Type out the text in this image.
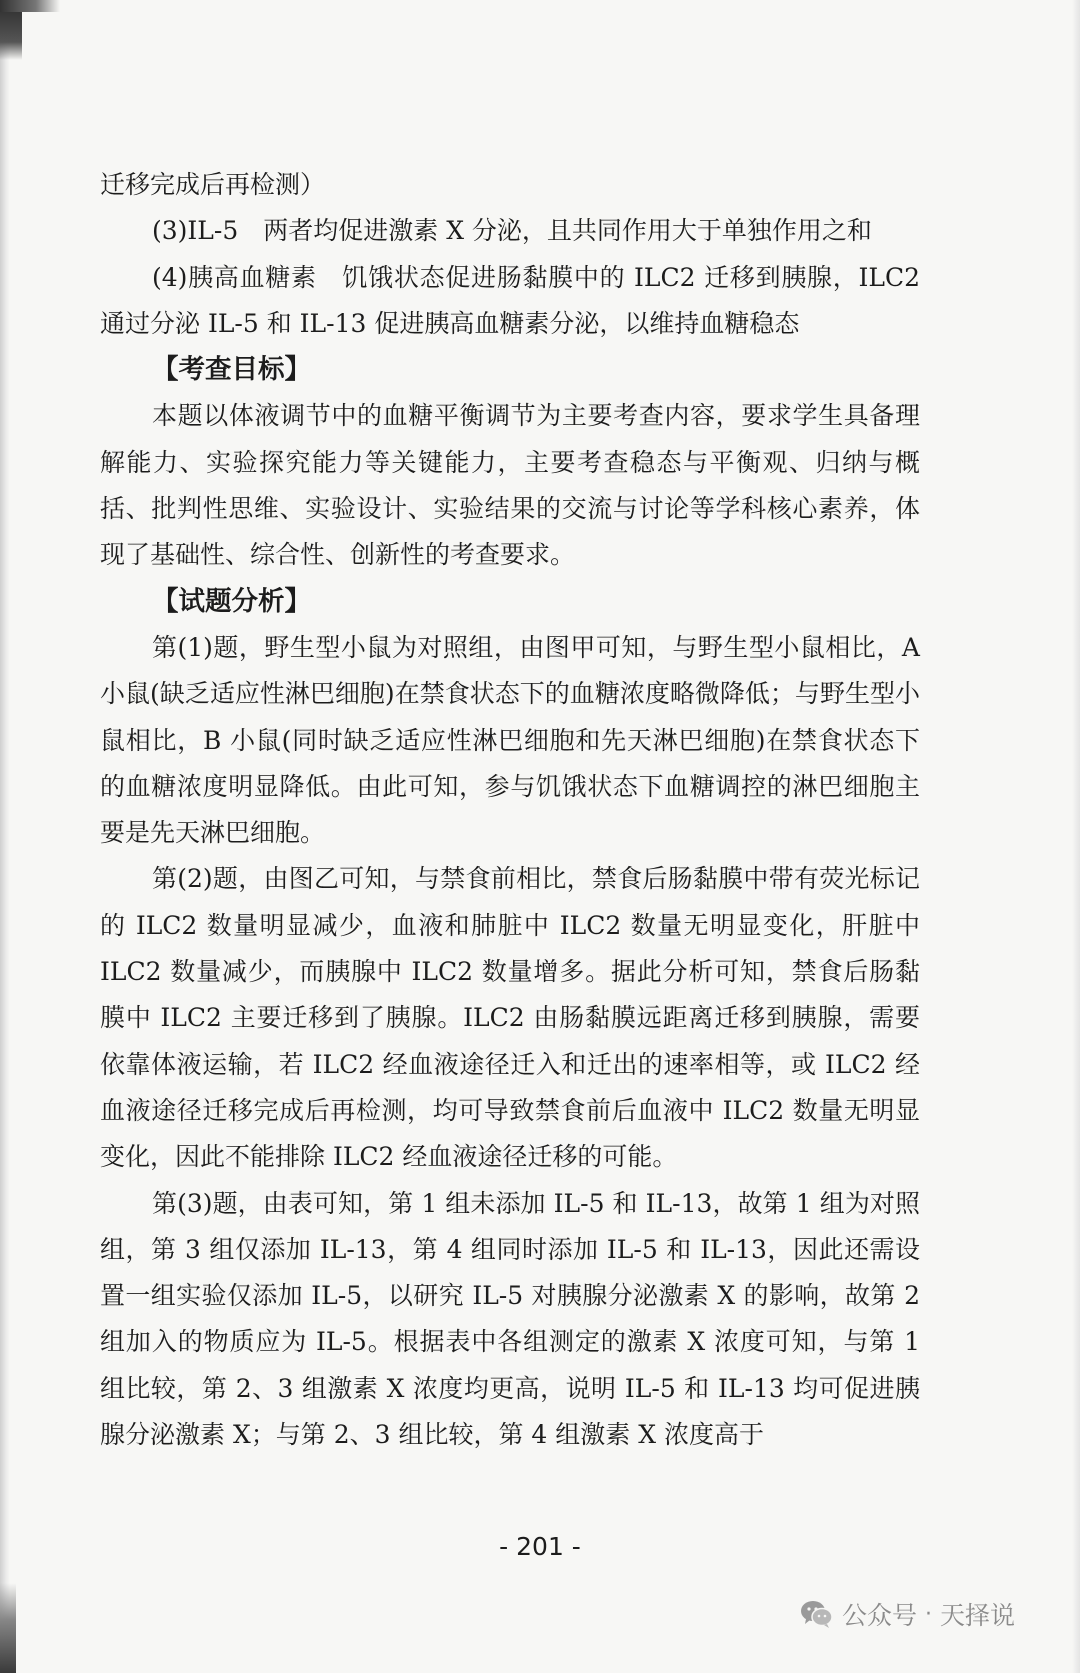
迁移完成后再检测）

(3)IL-5　两者均促进激素 X 分泌，且共同作用大于单独作用之和

(4)胰高血糖素　饥饿状态促进肠黏膜中的 ILC2 迁移到胰腺，ILC2 通过分泌 IL-5 和 IL-13 促进胰高血糖素分泌，以维持血糖稳态

【考查目标】

本题以体液调节中的血糖平衡调节为主要考查内容，要求学生具备理解能力、实验探究能力等关键能力，主要考查稳态与平衡观、归纳与概括、批判性思维、实验设计、实验结果的交流与讨论等学科核心素养，体现了基础性、综合性、创新性的考查要求。

【试题分析】

第(1)题，野生型小鼠为对照组，由图甲可知，与野生型小鼠相比，A 小鼠(缺乏适应性淋巴细胞)在禁食状态下的血糖浓度略微降低；与野生型小鼠相比，B 小鼠(同时缺乏适应性淋巴细胞和先天淋巴细胞)在禁食状态下的血糖浓度明显降低。由此可知，参与饥饿状态下血糖调控的淋巴细胞主要是先天淋巴细胞。

第(2)题，由图乙可知，与禁食前相比，禁食后肠黏膜中带有荧光标记的 ILC2 数量明显减少，血液和肺脏中 ILC2 数量无明显变化，肝脏中 ILC2 数量减少，而胰腺中 ILC2 数量增多。据此分析可知，禁食后肠黏膜中 ILC2 主要迁移到了胰腺。ILC2 由肠黏膜远距离迁移到胰腺，需要依靠体液运输，若 ILC2 经血液途径迁入和迁出的速率相等，或 ILC2 经血液途径迁移完成后再检测，均可导致禁食前后血液中 ILC2 数量无明显变化，因此不能排除 ILC2 经血液途径迁移的可能。

第(3)题，由表可知，第 1 组未添加 IL-5 和 IL-13，故第 1 组为对照组，第 3 组仅添加 IL-13，第 4 组同时添加 IL-5 和 IL-13，因此还需设置一组实验仅添加 IL-5，以研究 IL-5 对胰腺分泌激素 X 的影响，故第 2 组加入的物质应为 IL-5。根据表中各组测定的激素 X 浓度可知，与第 1 组比较，第 2、3 组激素 X 浓度均更高，说明 IL-5 和 IL-13 均可促进胰腺分泌激素 X；与第 2、3 组比较，第 4 组激素 X 浓度高于

- 201 -
公众号 · 天择说
